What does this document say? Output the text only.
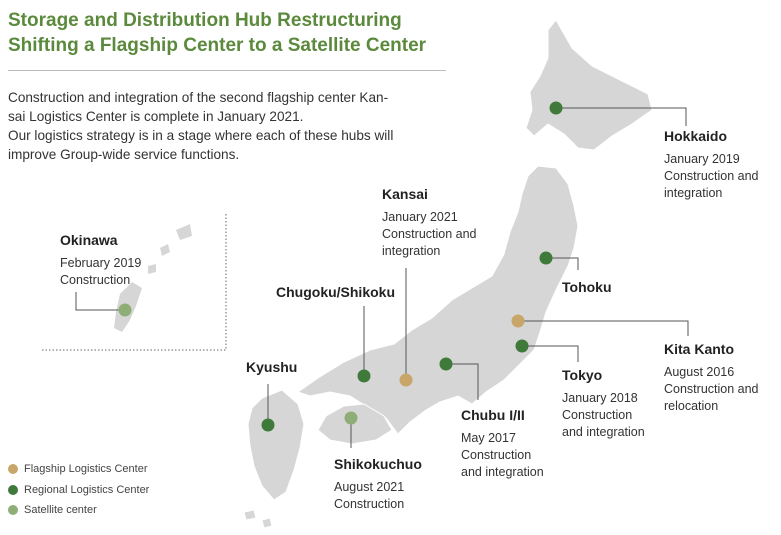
Storage and Distribution Hub Restructuring
Shifting a Flagship Center to a Satellite Center
Construction and integration of the second flagship center Kan-
sai Logistics Center is complete in January 2021.
Our logistics strategy is in a stage where each of these hubs will
improve Group-wide service functions.
Hokkaido
January 2019
Construction and
integration
Tohoku
Kita Kanto
August 2016
Construction and
relocation
Tokyo
January 2018
Construction
and integration
Chubu I/II
May 2017
Construction
and integration
Kansai
January 2021
Construction and
integration
Chugoku/Shikoku
Kyushu
Shikokuchuo
August 2021
Construction
Okinawa
February 2019
Construction
Flagship Logistics Center
Regional Logistics Center
Satellite center
